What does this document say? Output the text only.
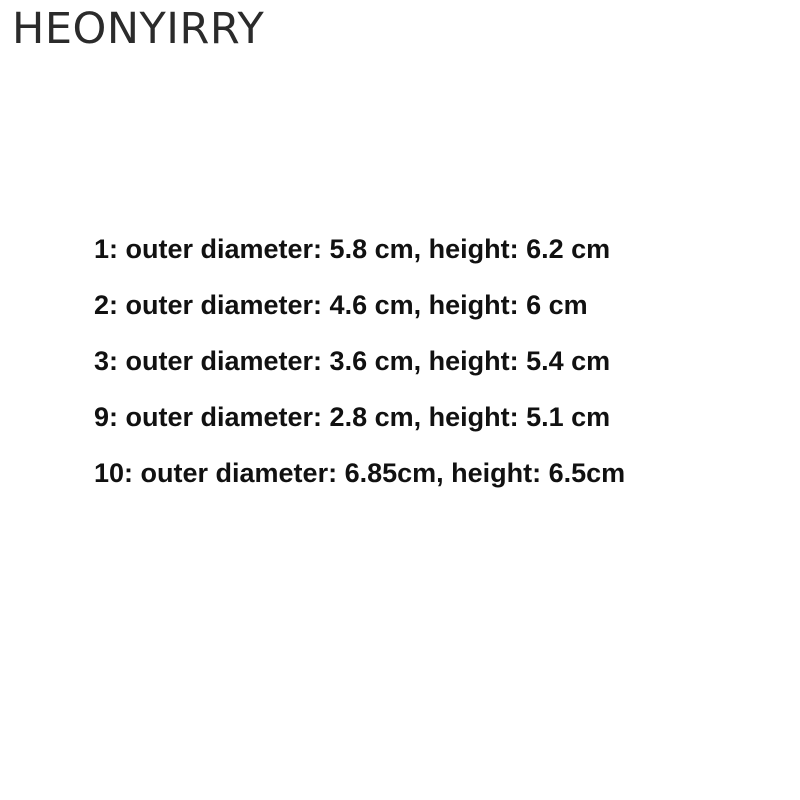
HEONYIRRY
1: outer diameter: 5.8 cm, height: 6.2 cm
2: outer diameter: 4.6 cm, height: 6 cm
3: outer diameter: 3.6 cm, height: 5.4 cm
9: outer diameter: 2.8 cm, height: 5.1 cm
10: outer diameter: 6.85cm, height: 6.5cm
